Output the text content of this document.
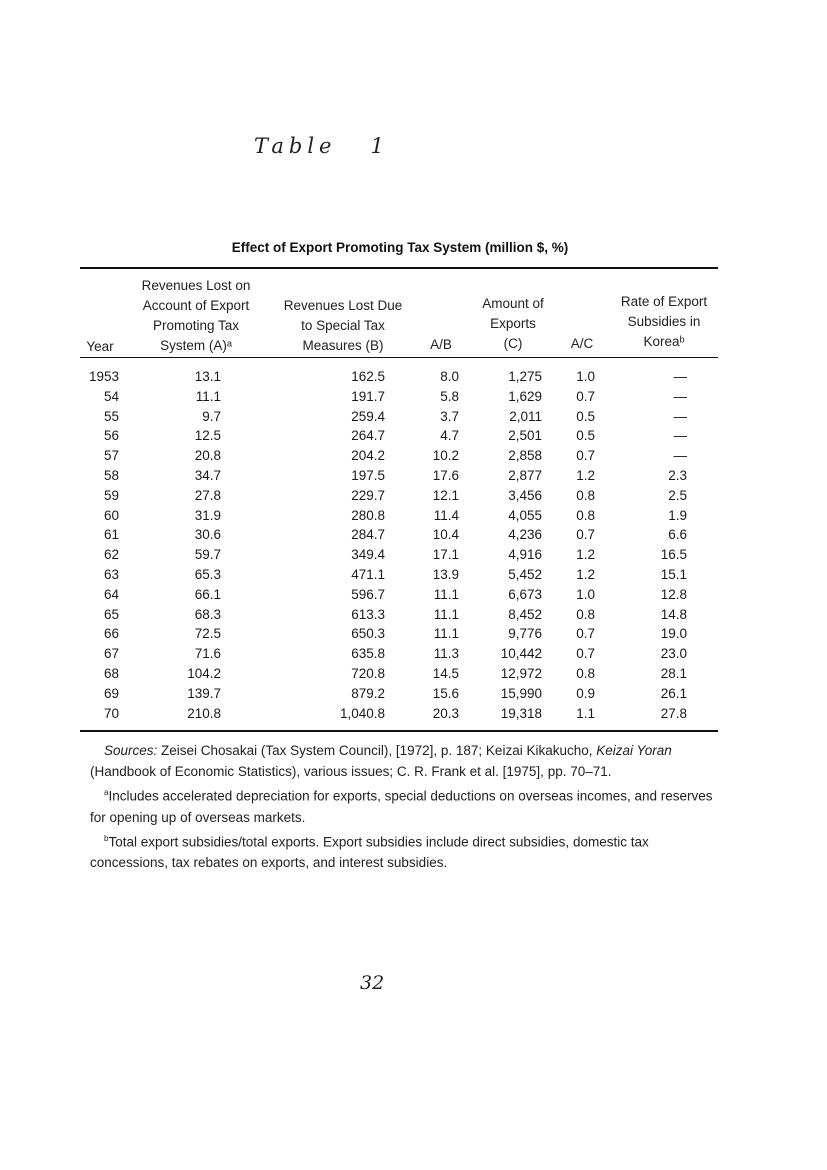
Table 1
Effect of Export Promoting Tax System (million $, %)
Year
Revenues Lost on
Account of Export
Promoting Tax
System (A)ᵃ
Revenues Lost Due
to Special Tax
Measures (B)	A/B
Amount of
Exports
(C)	A/C
Rate of Export
Subsidies in
Koreaᵇ
1953	13.1	162.5	8.0	1,275	1.0	—
54	11.1	191.7	5.8	1,629	0.7	—
55	9.7	259.4	3.7	2,011	0.5	—
56	12.5	264.7	4.7	2,501	0.5	—
57	20.8	204.2	10.2	2,858	0.7	—
58	34.7	197.5	17.6	2,877	1.2	2.3
59	27.8	229.7	12.1	3,456	0.8	2.5
60	31.9	280.8	11.4	4,055	0.8	1.9
61	30.6	284.7	10.4	4,236	0.7	6.6
62	59.7	349.4	17.1	4,916	1.2	16.5
63	65.3	471.1	13.9	5,452	1.2	15.1
64	66.1	596.7	11.1	6,673	1.0	12.8
65	68.3	613.3	11.1	8,452	0.8	14.8
66	72.5	650.3	11.1	9,776	0.7	19.0
67	71.6	635.8	11.3	10,442	0.7	23.0
68	104.2	720.8	14.5	12,972	0.8	28.1
69	139.7	879.2	15.6	15,990	0.9	26.1
70	210.8	1,040.8	20.3	19,318	1.1	27.8

Sources: Zeisei Chosakai (Tax System Council), [1972], p. 187; Keizai Kikakucho, Keizai Yoran (Handbook of Economic Statistics), various issues; C. R. Frank et al. [1975], pp. 70–71.

$^a$Includes accelerated depreciation for exports, special deductions on overseas incomes, and reserves for opening up of overseas markets.

$^b$Total export subsidies/total exports. Export subsidies include direct subsidies, domestic tax concessions, tax rebates on exports, and interest subsidies.

32
